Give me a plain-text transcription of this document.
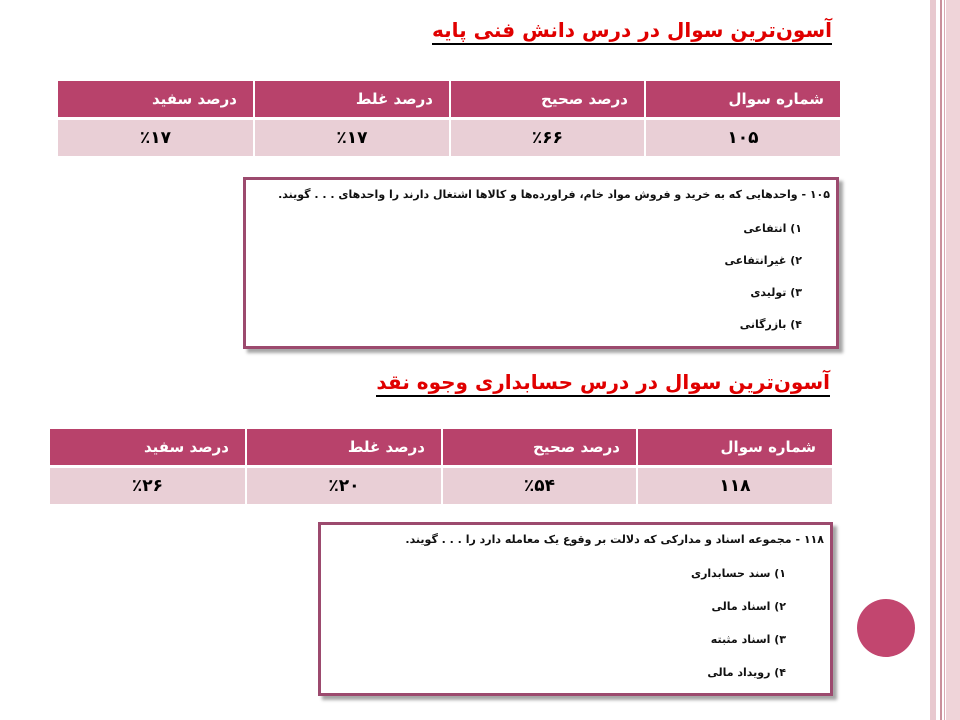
آسون‌ترین سوال در درس دانش فنی پایه
شماره سوال	درصد صحیح	درصد غلط	درصد سفید
۱۰۵	٪۶۶	٪۱۷	٪۱۷
۱۰۵ - واحدهایی که به خرید و فروش مواد خام، فراورده‌ها و کالاها اشتغال دارند را واحدهای . . . گویند.
۱) انتفاعی
۲) غیرانتفاعی
۳) تولیدی
۴) بازرگانی
آسون‌ترین سوال در درس حسابداری وجوه نقد
شماره سوال	درصد صحیح	درصد غلط	درصد سفید
۱۱۸	٪۵۴	٪۲۰	٪۲۶
۱۱۸ - مجموعه اسناد و مدارکی که دلالت بر وقوع یک معامله دارد را . . . گویند.
۱) سند حسابداری
۲) اسناد مالی
۳) اسناد مثبته
۴) رویداد مالی
